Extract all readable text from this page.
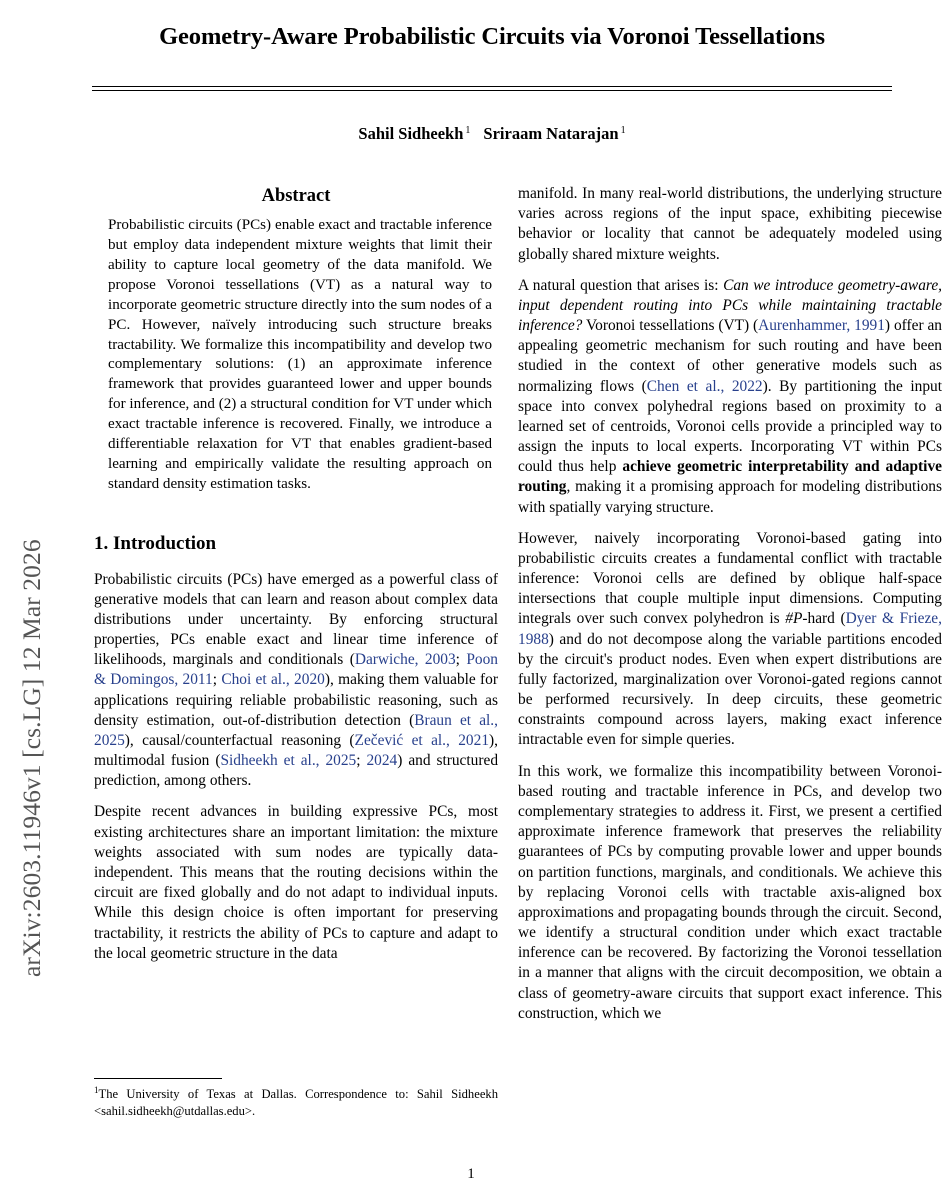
arXiv:2603.11946v1 [cs.LG] 12 Mar 2026
Geometry-Aware Probabilistic Circuits via Voronoi Tessellations
Sahil Sidheekh $^1$ Sriraam Natarajan $^1$
Abstract

Probabilistic circuits (PCs) enable exact and tractable inference but employ data independent mixture weights that limit their ability to capture local geometry of the data manifold. We propose Voronoi tessellations (VT) as a natural way to incorporate geometric structure directly into the sum nodes of a PC. However, naïvely introducing such structure breaks tractability. We formalize this incompatibility and develop two complementary solutions: (1) an approximate inference framework that provides guaranteed lower and upper bounds for inference, and (2) a structural condition for VT under which exact tractable inference is recovered. Finally, we introduce a differentiable relaxation for VT that enables gradient-based learning and empirically validate the resulting approach on standard density estimation tasks.

1. Introduction

Probabilistic circuits (PCs) have emerged as a powerful class of generative models that can learn and reason about complex data distributions under uncertainty. By enforcing structural properties, PCs enable exact and linear time inference of likelihoods, marginals and conditionals (Darwiche, 2003; Poon & Domingos, 2011; Choi et al., 2020), making them valuable for applications requiring reliable probabilistic reasoning, such as density estimation, out-of-distribution detection (Braun et al., 2025), causal/counterfactual reasoning (Zečević et al., 2021), multimodal fusion (Sidheekh et al., 2025; 2024) and structured prediction, among others.

Despite recent advances in building expressive PCs, most existing architectures share an important limitation: the mixture weights associated with sum nodes are typically data-independent. This means that the routing decisions within the circuit are fixed globally and do not adapt to individual inputs. While this design choice is often important for preserving tractability, it restricts the ability of PCs to capture and adapt to the local geometric structure in the data

manifold. In many real-world distributions, the underlying structure varies across regions of the input space, exhibiting piecewise behavior or locality that cannot be adequately modeled using globally shared mixture weights.

A natural question that arises is: Can we introduce geometry-aware, input dependent routing into PCs while maintaining tractable inference? Voronoi tessellations (VT) (Aurenhammer, 1991) offer an appealing geometric mechanism for such routing and have been studied in the context of other generative models such as normalizing flows (Chen et al., 2022). By partitioning the input space into convex polyhedral regions based on proximity to a learned set of centroids, Voronoi cells provide a principled way to assign the inputs to local experts. Incorporating VT within PCs could thus help achieve geometric interpretability and adaptive routing, making it a promising approach for modeling distributions with spatially varying structure.

However, naively incorporating Voronoi-based gating into probabilistic circuits creates a fundamental conflict with tractable inference: Voronoi cells are defined by oblique half-space intersections that couple multiple input dimensions. Computing integrals over such convex polyhedron is #P-hard (Dyer & Frieze, 1988) and do not decompose along the variable partitions encoded by the circuit's product nodes. Even when expert distributions are fully factorized, marginalization over Voronoi-gated regions cannot be performed recursively. In deep circuits, these geometric constraints compound across layers, making exact inference intractable even for simple queries.

In this work, we formalize this incompatibility between Voronoi-based routing and tractable inference in PCs, and develop two complementary strategies to address it. First, we present a certified approximate inference framework that preserves the reliability guarantees of PCs by computing provable lower and upper bounds on partition functions, marginals, and conditionals. We achieve this by replacing Voronoi cells with tractable axis-aligned box approximations and propagating bounds through the circuit. Second, we identify a structural condition under which exact tractable inference can be recovered. By factorizing the Voronoi tessellation in a manner that aligns with the circuit decomposition, we obtain a class of geometry-aware circuits that support exact inference. This construction, which we

$^1$The University of Texas at Dallas. Correspondence to: Sahil Sidheekh <sahil.sidheekh@utdallas.edu>.

1
